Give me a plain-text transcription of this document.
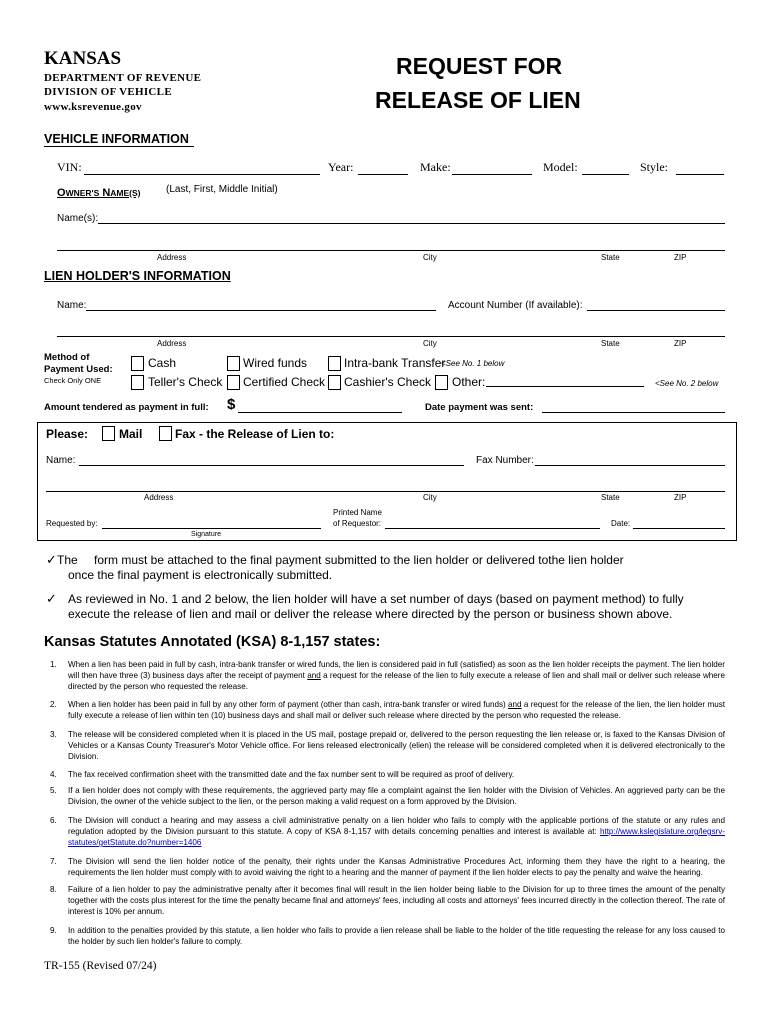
KANSAS
DEPARTMENT OF REVENUE
DIVISION OF VEHICLE
www.ksrevenue.gov
REQUEST FOR
RELEASE OF LIEN
VEHICLE INFORMATION
VIN:	Year:	Make:	Model:	Style:
OWNER'S NAME(S)	(Last, First, Middle Initial)
Name(s):
Address	City	State	ZIP
LIEN HOLDER'S INFORMATION
Name:	Account Number (If available):
Address	City	State	ZIP
Method of
Payment Used:
Check Only ONE
Cash	Wired funds	Intra-bank Transfer
<See No. 1 below
Teller's Check Certified Check Cashier's Check Other:	<See No. 2 below
Amount tendered as payment in full: $	Date payment was sent:
Please:	Mail	Fax - the Release of Lien to:
Name:	Fax Number:
Address	City	State	ZIP
Printed Name
of Requestor:
Requested by:
Signature
Date:
✓ The form must be attached to the final payment submitted to the lien holder or delivered tothe lien holder
once the final payment is electronically submitted.
✓ As reviewed in No. 1 and 2 below, the lien holder will have a set number of days (based on payment method) to fully
execute the release of lien and mail or deliver the release where directed by the person or business shown above.
Kansas Statutes Annotated (KSA) 8-1,157 states:
1. When a lien has been paid in full by cash, intra-bank transfer or wired funds, the lien is considered paid in full (satisfied) as soon as the lien holder receipts the payment. The lien holder will then have three (3) business days after the receipt of payment and a request for the release of the lien to fully execute a release of lien and shall mail or deliver such release where directed by the person who requested the release.
2. When a lien holder has been paid in full by any other form of payment (other than cash, intra-bank transfer or wired funds) and a request for the release of the lien, the lien holder must fully execute a release of lien within ten (10) business days and shall mail or deliver such release where directed by the person who requested the release.
3. The release will be considered completed when it is placed in the US mail, postage prepaid or, delivered to the person requesting the lien release or, is faxed to the Kansas Division of Vehicles or a Kansas County Treasurer's Motor Vehicle office. For liens released electronically (elien) the release will be considered completed when it is delivered electronically to the Division.
4. The fax received confirmation sheet with the transmitted date and the fax number sent to will be required as proof of delivery.
5. If a lien holder does not comply with these requirements, the aggrieved party may file a complaint against the lien holder with the Division of Vehicles. An aggrieved party can be the Division, the owner of the vehicle subject to the lien, or the person making a valid request on a form approved by the Division.
6. The Division will conduct a hearing and may assess a civil administrative penalty on a lien holder who fails to comply with the applicable portions of the statute or any rules and regulation adopted by the Division pursuant to this statute. A copy of KSA 8-1,157 with details concerning penalties and interest is available at: http://www.kslegislature.org/legsrv-statutes/getStatute.do?number=1406
7. The Division will send the lien holder notice of the penalty, their rights under the Kansas Administrative Procedures Act, informing them they have the right to a hearing, the requirements the lien holder must comply with to avoid waiving the right to a hearing and the manner of payment if the lien holder elects to pay the penalty and waive the hearing.
8. Failure of a lien holder to pay the administrative penalty after it becomes final will result in the lien holder being liable to the Division for up to three times the amount of the penalty together with the costs plus interest for the time the penalty became final and attorneys' fees, including all costs and attorneys' fees incurred directly in the collection thereof. The rate of interest is 10% per annum.
9. In addition to the penalties provided by this statute, a lien holder who fails to provide a lien release shall be liable to the holder of the title requesting the release for any loss caused to the holder by such lien holder's failure to comply.
TR-155 (Revised 07/24)
